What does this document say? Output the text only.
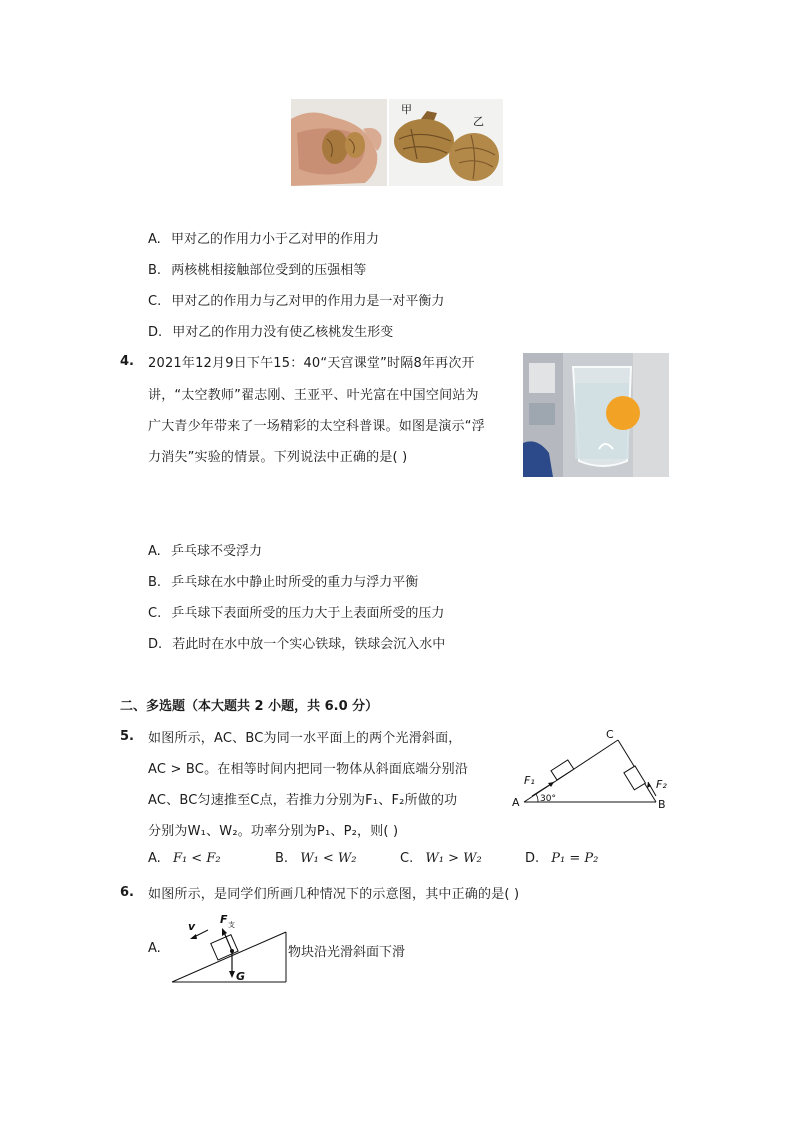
甲
乙
A. 甲对乙的作用力小于乙对甲的作用力
B. 两核桃相接触部位受到的压强相等
C. 甲对乙的作用力与乙对甲的作用力是一对平衡力
D. 甲对乙的作用力没有使乙核桃发生形变
4. 2021年12月9日下午15：40“天宫课堂”时隔8年再次开
讲，“太空教师”翟志刚、王亚平、叶光富在中国空间站为
广大青少年带来了一场精彩的太空科普课。如图是演示“浮
力消失”实验的情景。下列说法中正确的是( )
A. 乒乓球不受浮力
B. 乒乓球在水中静止时所受的重力与浮力平衡
C. 乒乓球下表面所受的压力大于上表面所受的压力
D. 若此时在水中放一个实心铁球，铁球会沉入水中
二、多选题（本大题共 2 小题，共 6.0 分）
5. 如图所示，AC、BC为同一水平面上的两个光滑斜面，
AC > BC。在相等时间内把同一物体从斜面底端分别沿
AC、BC匀速推至C点，若推力分别为F₁、F₂所做的功
分别为W₁、W₂。功率分别为P₁、P₂，则( )
C
A	B
F₁	F₂
30°
A. F₁ < F₂	B. W₁ < W₂	C. W₁ > W₂	D. P₁ = P₂
6. 如图所示，是同学们所画几种情况下的示意图，其中正确的是( )
A.
v
F 支
G
物块沿光滑斜面下滑
